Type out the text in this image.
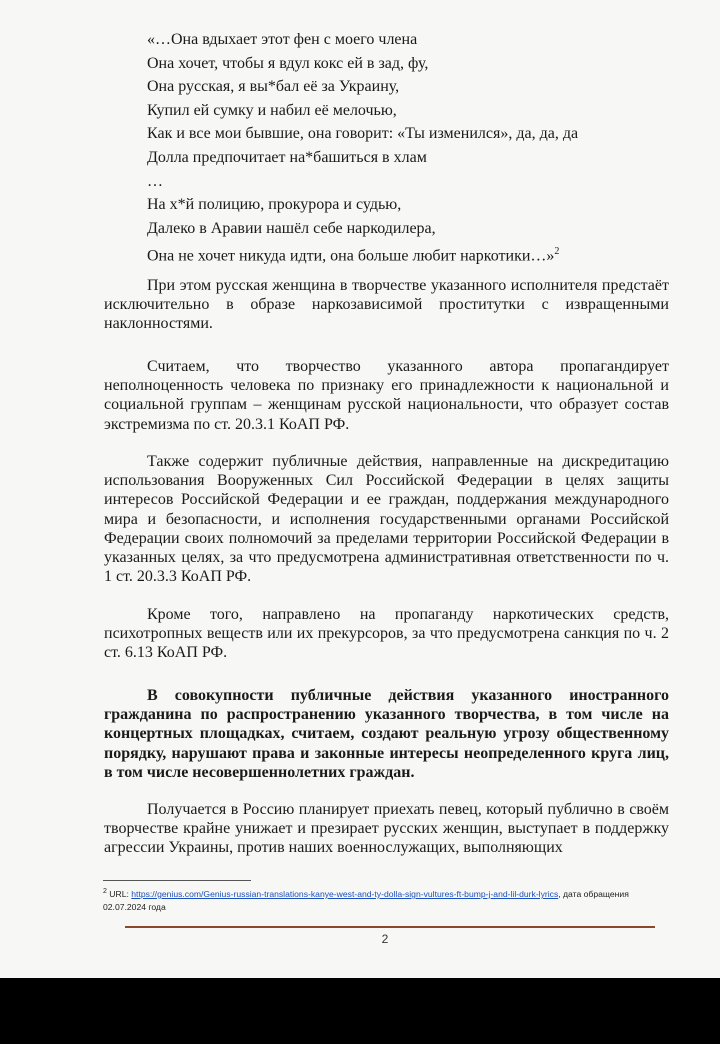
«…Она вдыхает этот фен с моего члена
Она хочет, чтобы я вдул кокс ей в зад, фу,
Она русская, я вы*бал её за Украину,
Купил ей сумку и набил её мелочью,
Как и все мои бывшие, она говорит: «Ты изменился», да, да, да
Долла предпочитает на*башиться в хлам
…
На х*й полицию, прокурора и судью,
Далеко в Аравии нашёл себе наркодилера,
Она не хочет никуда идти, она больше любит наркотики…»$^2$

При этом русская женщина в творчестве указанного исполнителя предстаёт исключительно в образе наркозависимой проститутки с извращенными наклонностями.

Считаем, что творчество указанного автора пропагандирует неполноценность человека по признаку его принадлежности к национальной и социальной группам – женщинам русской национальности, что образует состав экстремизма по ст. 20.3.1 КоАП РФ.

Также содержит публичные действия, направленные на дискредитацию использования Вооруженных Сил Российской Федерации в целях защиты интересов Российской Федерации и ее граждан, поддержания международного мира и безопасности, и исполнения государственными органами Российской Федерации своих полномочий за пределами территории Российской Федерации в указанных целях, за что предусмотрена административная ответственности по ч. 1 ст. 20.3.3 КоАП РФ.

Кроме того, направлено на пропаганду наркотических средств, психотропных веществ или их прекурсоров, за что предусмотрена санкция по ч. 2 ст. 6.13 КоАП РФ.

В совокупности публичные действия указанного иностранного гражданина по распространению указанного творчества, в том числе на концертных площадках, считаем, создают реальную угрозу общественному порядку, нарушают права и законные интересы неопределенного круга лиц, в том числе несовершеннолетних граждан.

Получается в Россию планирует приехать певец, который публично в своём творчестве крайне унижает и презирает русских женщин, выступает в поддержку агрессии Украины, против наших военнослужащих, выполняющих

$^2$ URL: https://genius.com/Genius-russian-translations-kanye-west-and-ty-dolla-sign-vultures-ft-bump-j-and-lil-durk-lyrics, дата обращения 02.07.2024 года
2
